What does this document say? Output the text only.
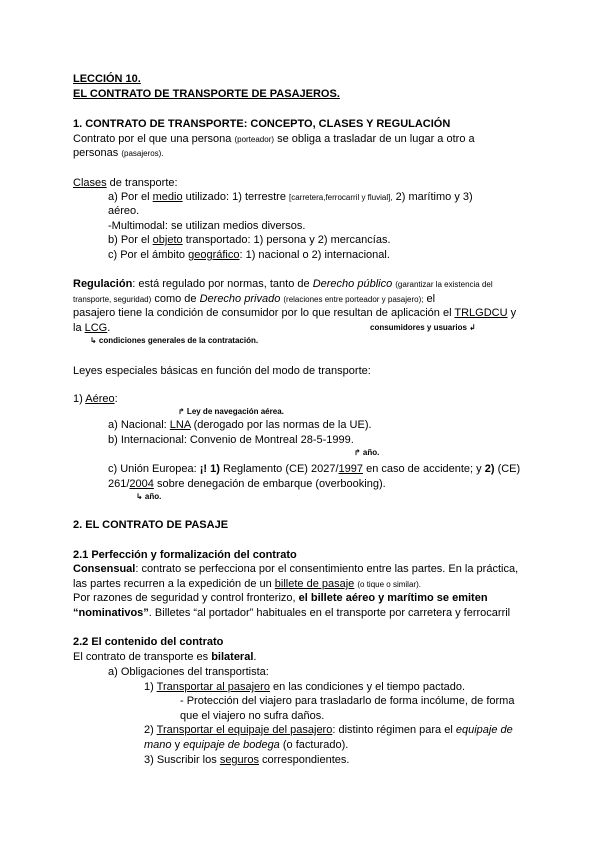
LECCIÓN 10.
EL CONTRATO DE TRANSPORTE DE PASAJEROS.
1. CONTRATO DE TRANSPORTE: CONCEPTO, CLASES Y REGULACIÓN
Contrato por el que una persona (porteador) se obliga a trasladar de un lugar a otro a
personas (pasajeros).
Clases de transporte:
a) Por el medio utilizado: 1) terrestre [carretera,ferrocarril y fluvial], 2) marítimo y 3)
aéreo.
-Multimodal: se utilizan medios diversos.
b) Por el objeto transportado: 1) persona y 2) mercancías.
c) Por el ámbito geográfico: 1) nacional o 2) internacional.
Regulación: está regulado por normas, tanto de Derecho público (garantizar la existencia del
transporte, seguridad) como de Derecho privado (relaciones entre porteador y pasajero); el
pasajero tiene la condición de consumidor por lo que resultan de aplicación el TRLGDCU y
la LCG.	consumidores y usuarios ↲
↳ condiciones generales de la contratación.
Leyes especiales básicas en función del modo de transporte:
1) Aéreo:
↱ Ley de navegación aérea.
a) Nacional: LNA (derogado por las normas de la UE).
b) Internacional: Convenio de Montreal 28-5-1999.
↱ año.
c) Unión Europea: ¡! 1) Reglamento (CE) 2027/1997 en caso de accidente; y 2) (CE)
261/2004 sobre denegación de embarque (overbooking).
↳ año.
2. EL CONTRATO DE PASAJE
2.1 Perfección y formalización del contrato
Consensual: contrato se perfecciona por el consentimiento entre las partes. En la práctica,
las partes recurren a la expedición de un billete de pasaje (o tique o similar).
Por razones de seguridad y control fronterizo, el billete aéreo y marítimo se emiten
“nominativos”. Billetes “al portador” habituales en el transporte por carretera y ferrocarril
2.2 El contenido del contrato
El contrato de transporte es bilateral.
a) Obligaciones del transportista:
1) Transportar al pasajero en las condiciones y el tiempo pactado.
- Protección del viajero para trasladarlo de forma incólume, de forma
que el viajero no sufra daños.
2) Transportar el equipaje del pasajero: distinto régimen para el equipaje de
mano y equipaje de bodega (o facturado).
3) Suscribir los seguros correspondientes.
